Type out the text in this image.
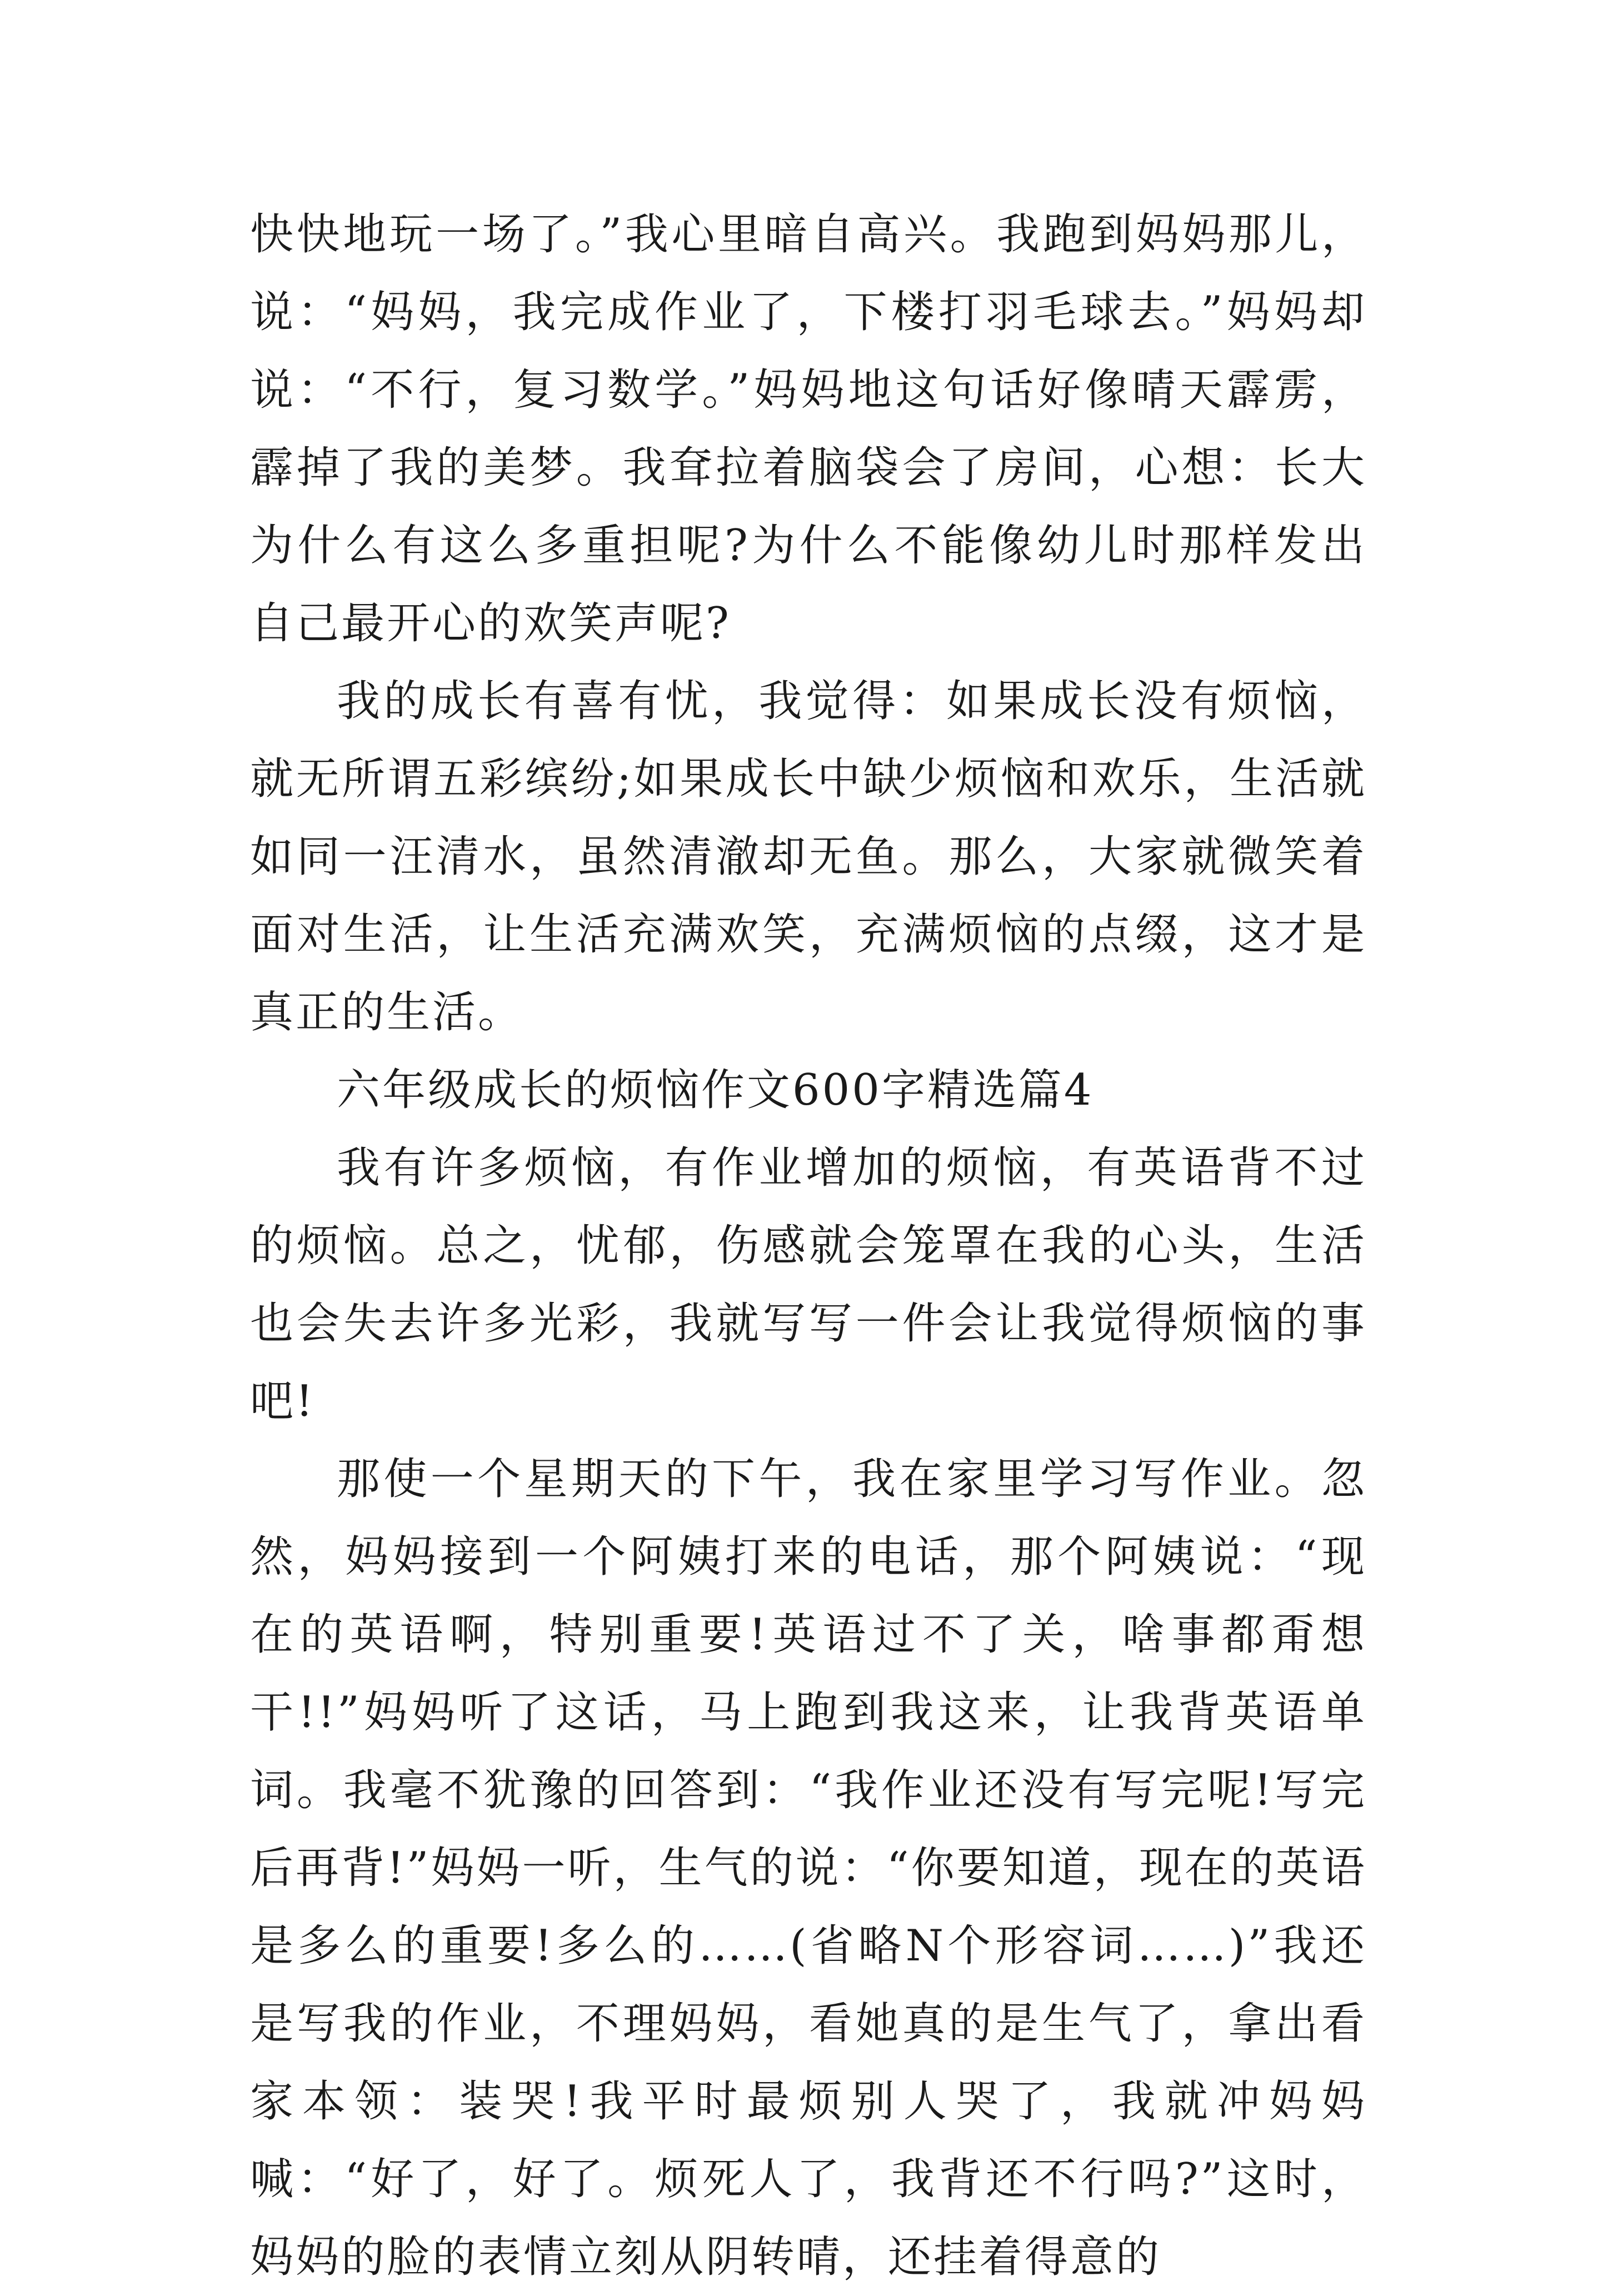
快快地玩一场了。”我心里暗自高兴。我跑到妈妈那儿，说：“妈妈，我完成作业了，下楼打羽毛球去。”妈妈却说：“不行，复习数学。”妈妈地这句话好像晴天霹雳，霹掉了我的美梦。我耷拉着脑袋会了房间，心想：长大为什么有这么多重担呢?为什么不能像幼儿时那样发出自己最开心的欢笑声呢?

我的成长有喜有忧，我觉得：如果成长没有烦恼，就无所谓五彩缤纷;如果成长中缺少烦恼和欢乐，生活就如同一汪清水，虽然清澈却无鱼。那么，大家就微笑着面对生活，让生活充满欢笑，充满烦恼的点缀，这才是真正的生活。

六年级成长的烦恼作文600字精选篇4

我有许多烦恼，有作业增加的烦恼，有英语背不过的烦恼。总之，忧郁，伤感就会笼罩在我的心头，生活也会失去许多光彩，我就写写一件会让我觉得烦恼的事吧!

那使一个星期天的下午，我在家里学习写作业。忽然，妈妈接到一个阿姨打来的电话，那个阿姨说：“现在的英语啊，特别重要!英语过不了关，啥事都甭想干!!”妈妈听了这话，马上跑到我这来，让我背英语单词。我毫不犹豫的回答到：“我作业还没有写完呢!写完后再背!”妈妈一听，生气的说：“你要知道，现在的英语是多么的重要!多么的……(省略N个形容词……)”我还是写我的作业，不理妈妈，看她真的是生气了，拿出看家本领：装哭!我平时最烦别人哭了，我就冲妈妈喊：“好了，好了。烦死人了，我背还不行吗?”这时，妈妈的脸的表情立刻从阴转晴，还挂着得意的
